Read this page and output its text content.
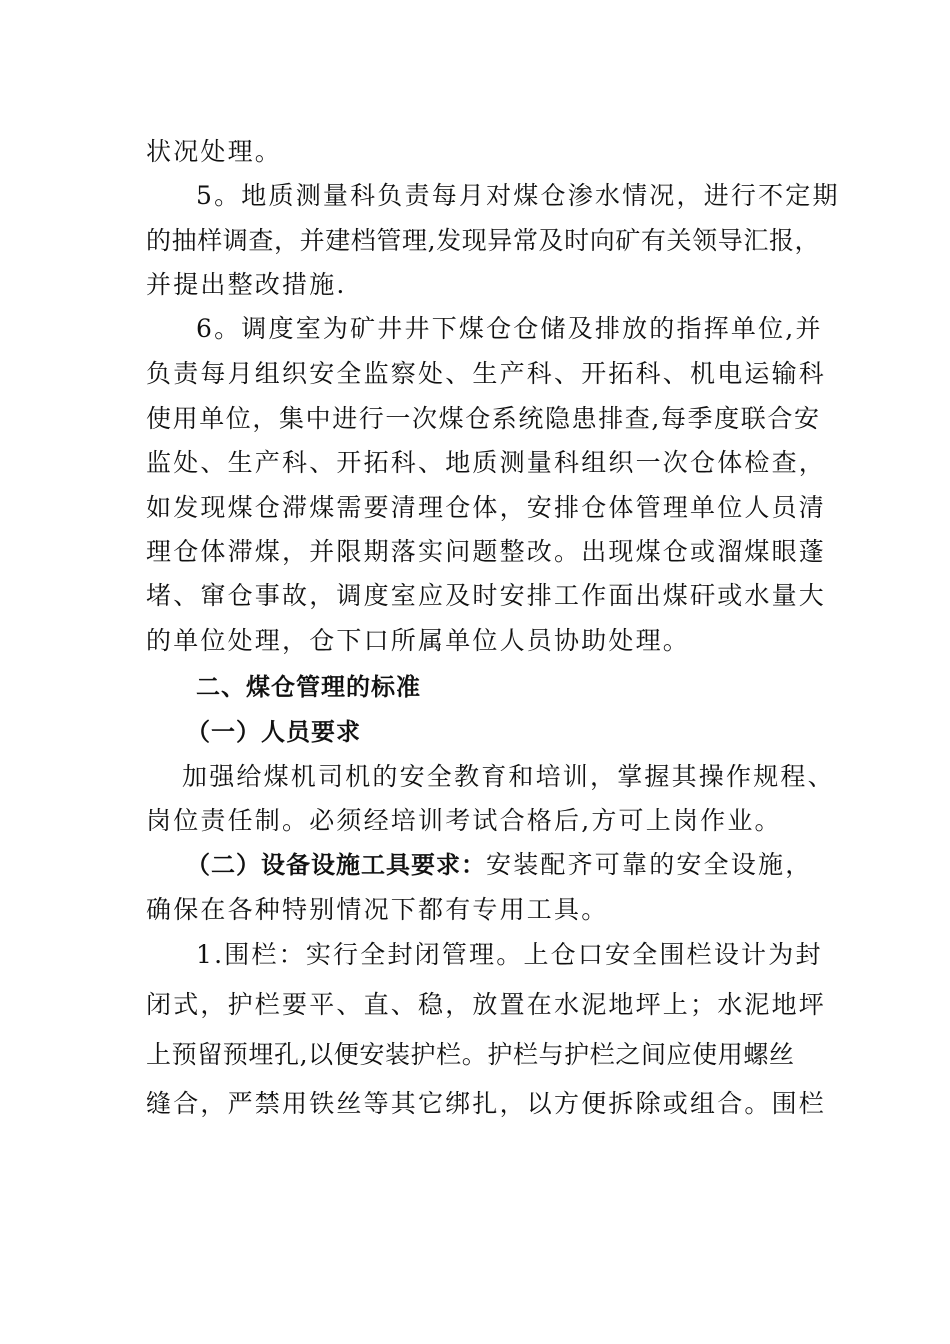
状况处理。
5。地质测量科负责每月对煤仓渗水情况，进行不定期
的抽样调查，并建档管理,发现异常及时向矿有关领导汇报，
并提出整改措施.
6。调度室为矿井井下煤仓仓储及排放的指挥单位,并
负责每月组织安全监察处、生产科、开拓科、机电运输科
使用单位，集中进行一次煤仓系统隐患排查,每季度联合安
监处、生产科、开拓科、地质测量科组织一次仓体检查，
如发现煤仓滞煤需要清理仓体，安排仓体管理单位人员清
理仓体滞煤，并限期落实问题整改。出现煤仓或溜煤眼蓬
堵、窜仓事故，调度室应及时安排工作面出煤矸或水量大
的单位处理，仓下口所属单位人员协助处理。
二、煤仓管理的标准
（一）人员要求
加强给煤机司机的安全教育和培训，掌握其操作规程、
岗位责任制。必须经培训考试合格后,方可上岗作业。
（二）设备设施工具要求：安装配齐可靠的安全设施，
确保在各种特别情况下都有专用工具。
1.围栏：实行全封闭管理。上仓口安全围栏设计为封
闭式，护栏要平、直、稳，放置在水泥地坪上；水泥地坪
上预留预埋孔,以便安装护栏。护栏与护栏之间应使用螺丝
缝合，严禁用铁丝等其它绑扎，以方便拆除或组合。围栏
